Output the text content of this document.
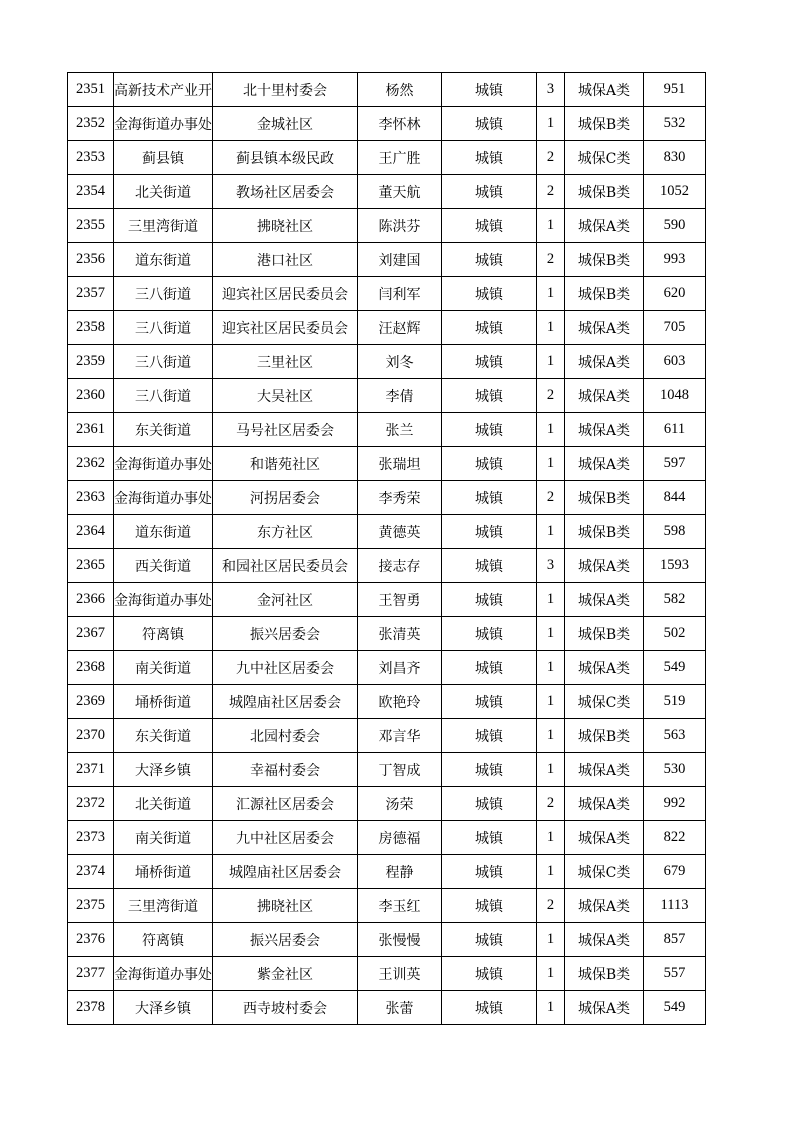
2351	高新技术产业开	北十里村委会	杨然	城镇	3	城保A类	951
2352	金海街道办事处	金城社区	李怀林	城镇	1	城保B类	532
2353	蓟县镇	蓟县镇本级民政	王广胜	城镇	2	城保C类	830
2354	北关街道	教场社区居委会	董天航	城镇	2	城保B类	1052
2355	三里湾街道	拂晓社区	陈洪芬	城镇	1	城保A类	590
2356	道东街道	港口社区	刘建国	城镇	2	城保B类	993
2357	三八街道	迎宾社区居民委员会	闫利军	城镇	1	城保B类	620
2358	三八街道	迎宾社区居民委员会	汪赵辉	城镇	1	城保A类	705
2359	三八街道	三里社区	刘冬	城镇	1	城保A类	603
2360	三八街道	大吴社区	李倩	城镇	2	城保A类	1048
2361	东关街道	马号社区居委会	张兰	城镇	1	城保A类	611
2362	金海街道办事处	和谐苑社区	张瑞坦	城镇	1	城保A类	597
2363	金海街道办事处	河拐居委会	李秀荣	城镇	2	城保B类	844
2364	道东街道	东方社区	黄德英	城镇	1	城保B类	598
2365	西关街道	和园社区居民委员会	接志存	城镇	3	城保A类	1593
2366	金海街道办事处	金河社区	王智勇	城镇	1	城保A类	582
2367	符离镇	振兴居委会	张清英	城镇	1	城保B类	502
2368	南关街道	九中社区居委会	刘昌齐	城镇	1	城保A类	549
2369	埇桥街道	城隍庙社区居委会	欧艳玲	城镇	1	城保C类	519
2370	东关街道	北园村委会	邓言华	城镇	1	城保B类	563
2371	大泽乡镇	幸福村委会	丁智成	城镇	1	城保A类	530
2372	北关街道	汇源社区居委会	汤荣	城镇	2	城保A类	992
2373	南关街道	九中社区居委会	房德福	城镇	1	城保A类	822
2374	埇桥街道	城隍庙社区居委会	程静	城镇	1	城保C类	679
2375	三里湾街道	拂晓社区	李玉红	城镇	2	城保A类	1113
2376	符离镇	振兴居委会	张慢慢	城镇	1	城保A类	857
2377	金海街道办事处	紫金社区	王训英	城镇	1	城保B类	557
2378	大泽乡镇	西寺坡村委会	张蕾	城镇	1	城保A类	549
